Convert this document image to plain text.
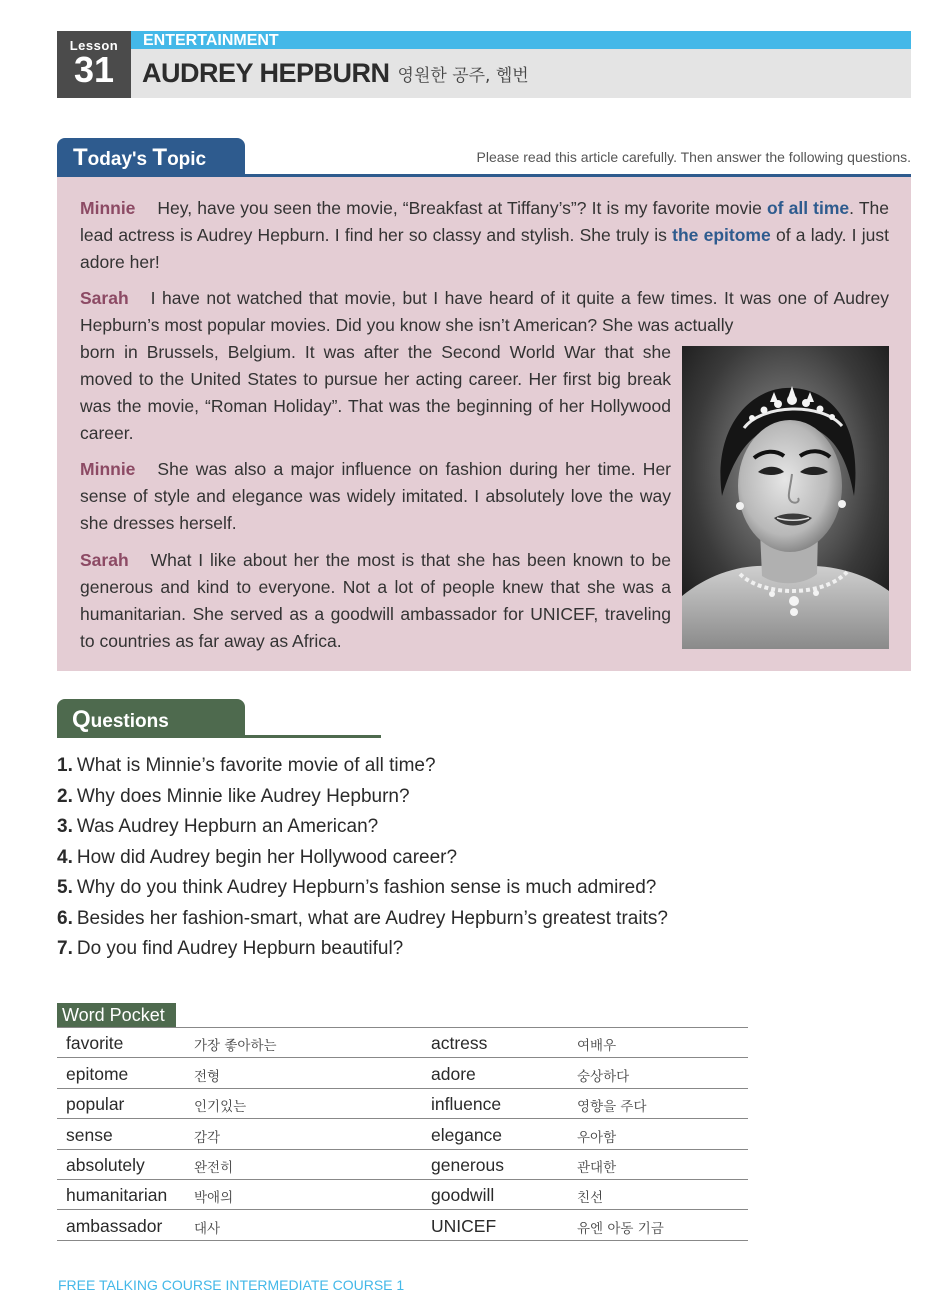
Lesson
31
ENTERTAINMENT
AUDREY HEPBURN 영원한 공주, 헵번
Today's Topic	Please read this article carefully. Then answer the following questions.
Minnie Hey, have you seen the movie, “Breakfast at Tiffany’s”? It is my favorite movie of all time. The lead actress is Audrey Hepburn. I find her so classy and stylish. She truly is the epitome of a lady. I just adore her!
Sarah I have not watched that movie, but I have heard of it quite a few times. It was one of Audrey Hepburn’s most popular movies. Did you know she isn’t American? She was actually
born in Brussels, Belgium. It was after the Second World War that she moved to the United States to pursue her acting career. Her first big break was the movie, “Roman Holiday”. That was the beginning of her Hollywood career.
Minnie She was also a major influence on fashion during her time. Her sense of style and elegance was widely imitated. I absolutely love the way she dresses herself.
Sarah What I like about her the most is that she has been known to be generous and kind to everyone. Not a lot of people knew that she was a humanitarian. She served as a goodwill ambassador for UNICEF, traveling to countries as far away as Africa.
Questions
1. What is Minnie’s favorite movie of all time?
2. Why does Minnie like Audrey Hepburn?
3. Was Audrey Hepburn an American?
4. How did Audrey begin her Hollywood career?
5. Why do you think Audrey Hepburn’s fashion sense is much admired?
6. Besides her fashion-smart, what are Audrey Hepburn’s greatest traits?
7. Do you find Audrey Hepburn beautiful?
Word Pocket
favorite	가장 좋아하는	actress	여배우
epitome	전형	adore	숭상하다
popular	인기있는	influence	영향을 주다
sense	감각	elegance	우아함
absolutely	완전히	generous	관대한
humanitarian	박애의	goodwill	친선
ambassador	대사	UNICEF	유엔 아동 기금
FREE TALKING COURSE INTERMEDIATE COURSE 1
